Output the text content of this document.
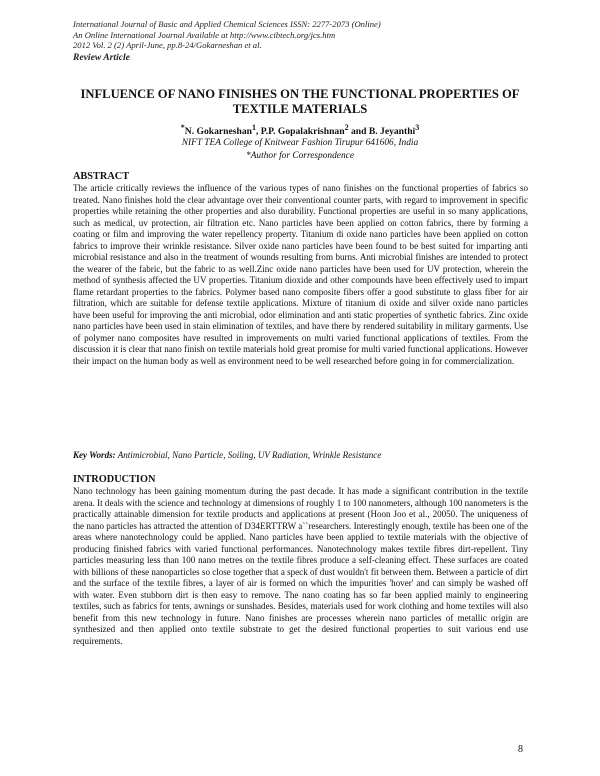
International Journal of Basic and Applied Chemical Sciences ISSN: 2277-2073 (Online)
An Online International Journal Available at http://www.cibtech.org/jcs.htm
2012 Vol. 2 (2) April-June, pp.8-24/Gokarneshan et al.
Review Article
INFLUENCE OF NANO FINISHES ON THE FUNCTIONAL PROPERTIES OF TEXTILE MATERIALS
*N. Gokarneshan$^1$, P.P. Gopalakrishnan$^2$ and B. Jeyanthi$^3$
NIFT TEA College of Knitwear Fashion Tirupur 641606, India
*Author for Correspondence
ABSTRACT
The article critically reviews the influence of the various types of nano finishes on the functional properties of fabrics so treated. Nano finishes hold the clear advantage over their conventional counter parts, with regard to improvement in specific properties while retaining the other properties and also durability. Functional properties are useful in so many applications, such as medical, uv protection, air filtration etc. Nano particles have been applied on cotton fabrics, there by forming a coating or film and improving the water repellency property. Titanium di oxide nano particles have been applied on cotton fabrics to improve their wrinkle resistance. Silver oxide nano particles have been found to be best suited for imparting anti microbial resistance and also in the treatment of wounds resulting from burns. Anti microbial finishes are intended to protect the wearer of the fabric, but the fabric to as well.Zinc oxide nano particles have been used for UV protection, wherein the method of synthesis affected the UV properties. Titanium dioxide and other compounds have been effectively used to impart flame retardant properties to the fabrics. Polymer based nano composite fibers offer a good substitute to glass fiber for air filtration, which are suitable for defense textile applications. Mixture of titanium di oxide and silver oxide nano particles have been useful for improving the anti microbial, odor elimination and anti static properties of synthetic fabrics. Zinc oxide nano particles have been used in stain elimination of textiles, and have there by rendered suitability in military garments. Use of polymer nano composites have resulted in improvements on multi varied functional applications of textiles. From the discussion it is clear that nano finish on textile materials hold great promise for multi varied functional applications. However their impact on the human body as well as environment need to be well researched before going in for commercialization.
Key Words: Antimicrobial, Nano Particle, Soiling, UV Radiation, Wrinkle Resistance
INTRODUCTION
Nano technology has been gaining momentum during the past decade. It has made a significant contribution in the textile arena. It deals with the science and technology at dimensions of roughly 1 to 100 nanometers, although 100 nanometers is the practically attainable dimension for textile products and applications at present (Hoon Joo et al., 20050. The uniqueness of the nano particles has attracted the attention of D34ERTTRW a``researchers. Interestingly enough, textile has been one of the areas where nanotechnology could be applied. Nano particles have been applied to textile materials with the objective of producing finished fabrics with varied functional performances. Nanotechnology makes textile fibres dirt-repellent. Tiny particles measuring less than 100 nano metres on the textile fibres produce a self-cleaning effect. These surfaces are coated with billions of these nanoparticles so close together that a speck of dust wouldn't fit between them. Between a particle of dirt and the surface of the textile fibres, a layer of air is formed on which the impurities 'hover' and can simply be washed off with water. Even stubborn dirt is then easy to remove. The nano coating has so far been applied mainly to engineering textiles, such as fabrics for tents, awnings or sunshades. Besides, materials used for work clothing and home textiles will also benefit from this new technology in future. Nano finishes are processes wherein nano particles of metallic origin are synthesized and then applied onto textile substrate to get the desired functional properties to suit various end use requirements.
8
